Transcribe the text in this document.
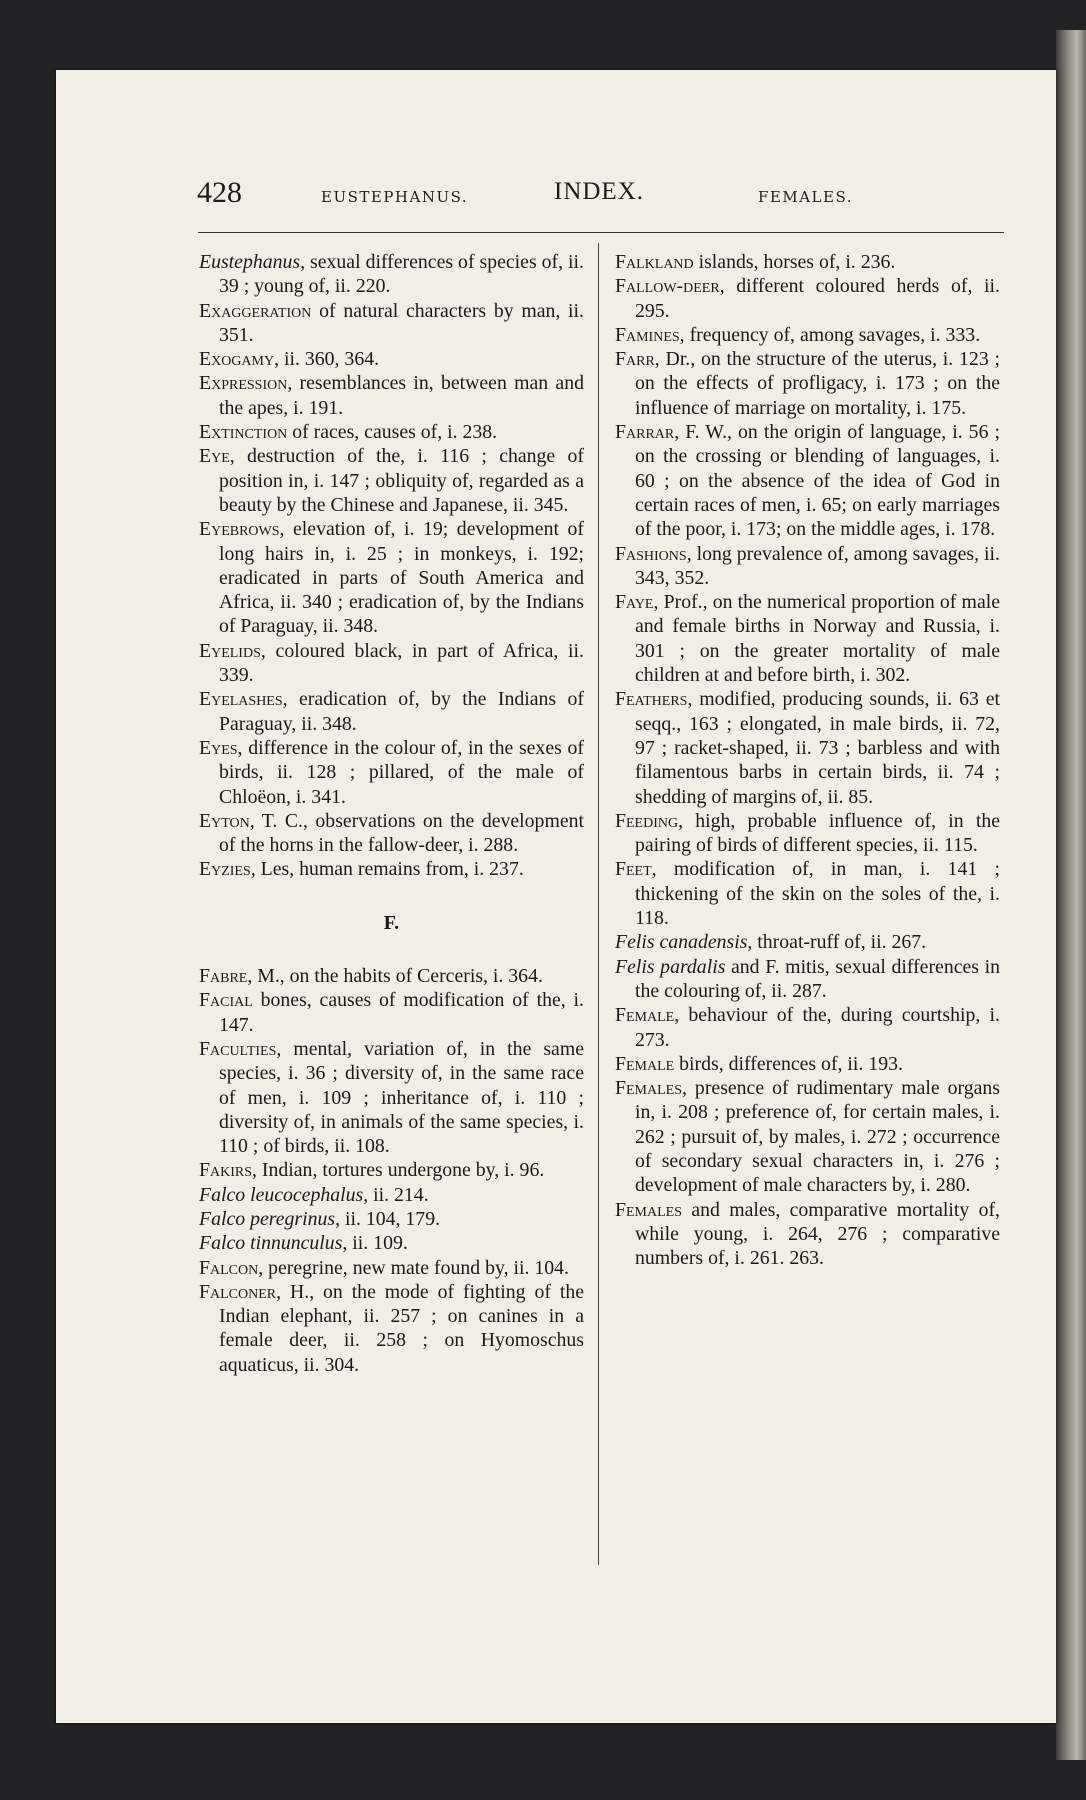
428	EUSTEPHANUS.	INDEX.	FEMALES.

Eustephanus, sexual differences of species of, ii. 39 ; young of, ii. 220.

Exaggeration of natural characters by man, ii. 351.

Exogamy, ii. 360, 364.

Expression, resemblances in, between man and the apes, i. 191.

Extinction of races, causes of, i. 238.

Eye, destruction of the, i. 116 ; change of position in, i. 147 ; obliquity of, regarded as a beauty by the Chinese and Japanese, ii. 345.

Eyebrows, elevation of, i. 19; development of long hairs in, i. 25 ; in monkeys, i. 192; eradicated in parts of South America and Africa, ii. 340 ; eradication of, by the Indians of Paraguay, ii. 348.

Eyelids, coloured black, in part of Africa, ii. 339.

Eyelashes, eradication of, by the Indians of Paraguay, ii. 348.

Eyes, difference in the colour of, in the sexes of birds, ii. 128 ; pillared, of the male of Chloëon, i. 341.

Eyton, T. C., observations on the development of the horns in the fallow-deer, i. 288.

Eyzies, Les, human remains from, i. 237.

F.

Fabre, M., on the habits of Cerceris, i. 364.

Facial bones, causes of modification of the, i. 147.

Faculties, mental, variation of, in the same species, i. 36 ; diversity of, in the same race of men, i. 109 ; inheritance of, i. 110 ; diversity of, in animals of the same species, i. 110 ; of birds, ii. 108.

Fakirs, Indian, tortures undergone by, i. 96.

Falco leucocephalus, ii. 214.

Falco peregrinus, ii. 104, 179.

Falco tinnunculus, ii. 109.

Falcon, peregrine, new mate found by, ii. 104.

Falconer, H., on the mode of fighting of the Indian elephant, ii. 257 ; on canines in a female deer, ii. 258 ; on Hyomoschus aquaticus, ii. 304.

Falkland islands, horses of, i. 236.

Fallow-deer, different coloured herds of, ii. 295.

Famines, frequency of, among savages, i. 333.

Farr, Dr., on the structure of the uterus, i. 123 ; on the effects of profligacy, i. 173 ; on the influence of marriage on mortality, i. 175.

Farrar, F. W., on the origin of language, i. 56 ; on the crossing or blending of languages, i. 60 ; on the absence of the idea of God in certain races of men, i. 65; on early marriages of the poor, i. 173; on the middle ages, i. 178.

Fashions, long prevalence of, among savages, ii. 343, 352.

Faye, Prof., on the numerical proportion of male and female births in Norway and Russia, i. 301 ; on the greater mortality of male children at and before birth, i. 302.

Feathers, modified, producing sounds, ii. 63 et seqq., 163 ; elongated, in male birds, ii. 72, 97 ; racket-shaped, ii. 73 ; barbless and with filamentous barbs in certain birds, ii. 74 ; shedding of margins of, ii. 85.

Feeding, high, probable influence of, in the pairing of birds of different species, ii. 115.

Feet, modification of, in man, i. 141 ; thickening of the skin on the soles of the, i. 118.

Felis canadensis, throat-ruff of, ii. 267.

Felis pardalis and F. mitis, sexual differences in the colouring of, ii. 287.

Female, behaviour of the, during courtship, i. 273.

Female birds, differences of, ii. 193.

Females, presence of rudimentary male organs in, i. 208 ; preference of, for certain males, i. 262 ; pursuit of, by males, i. 272 ; occurrence of secondary sexual characters in, i. 276 ; development of male characters by, i. 280.

Females and males, comparative mortality of, while young, i. 264, 276 ; comparative numbers of, i. 261. 263.
